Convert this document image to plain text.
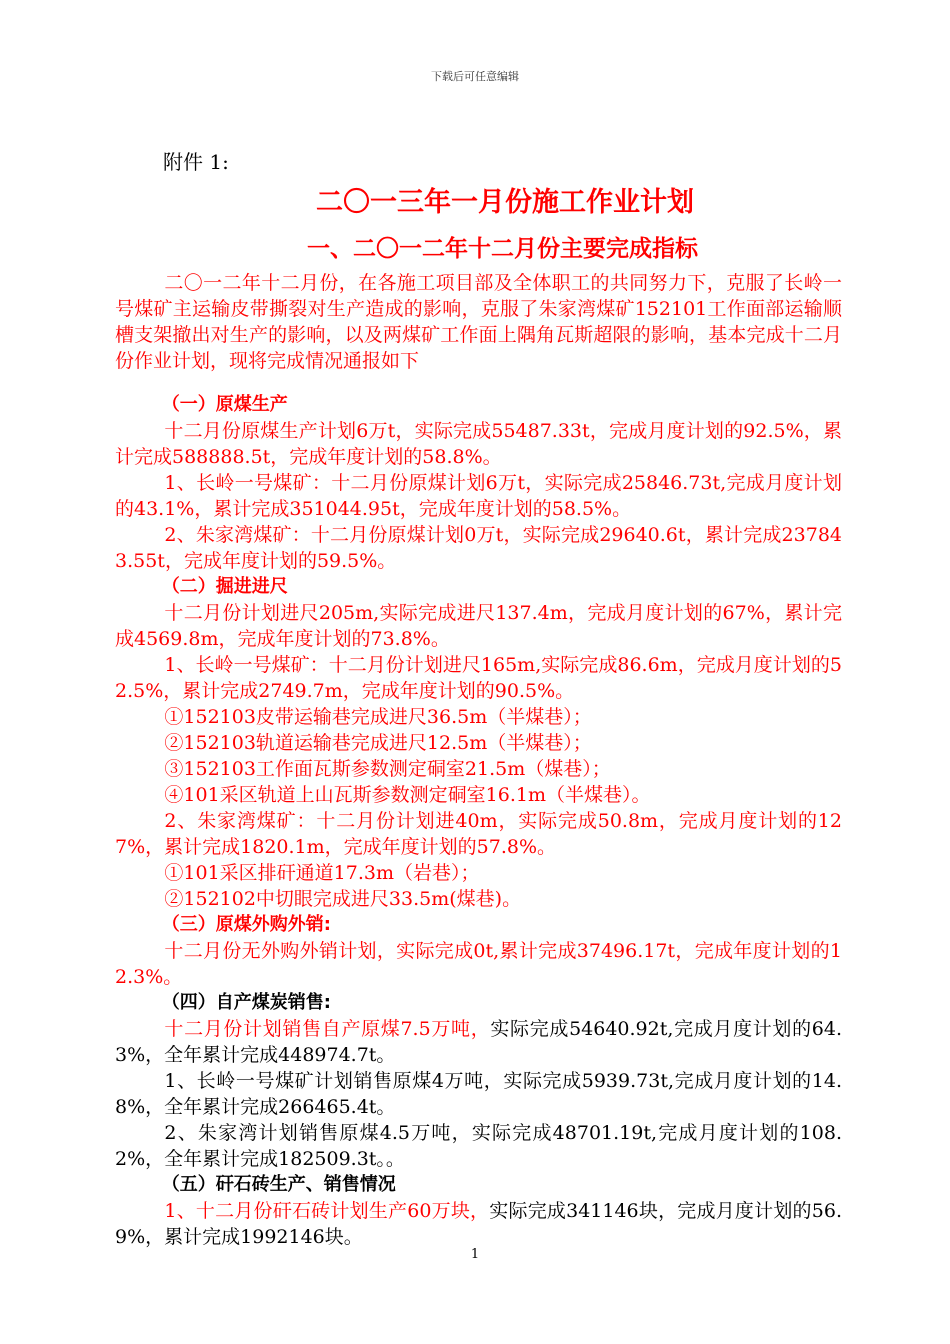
下载后可任意编辑
附件 1:
二〇一三年一月份施工作业计划
一、二〇一二年十二月份主要完成指标

二〇一二年十二月份，在各施工项目部及全体职工的共同努力下，克服了长岭一号煤矿主运输皮带撕裂对生产造成的影响，克服了朱家湾煤矿152101工作面部运输顺槽支架撤出对生产的影响，以及两煤矿工作面上隅角瓦斯超限的影响，基本完成十二月份作业计划，现将完成情况通报如下

（一）原煤生产

十二月份原煤生产计划6万t，实际完成55487.33t，完成月度计划的92.5%，累计完成588888.5t，完成年度计划的58.8%。

1、长岭一号煤矿：十二月份原煤计划6万t，实际完成25846.73t,完成月度计划的43.1%，累计完成351044.95t，完成年度计划的58.5%。

2、朱家湾煤矿：十二月份原煤计划0万t，实际完成29640.6t，累计完成237843.55t，完成年度计划的59.5%。

（二）掘进进尺

十二月份计划进尺205m,实际完成进尺137.4m，完成月度计划的67%，累计完成4569.8m，完成年度计划的73.8%。

1、长岭一号煤矿：十二月份计划进尺165m,实际完成86.6m，完成月度计划的52.5%，累计完成2749.7m，完成年度计划的90.5%。

①152103皮带运输巷完成进尺36.5m（半煤巷）；

②152103轨道运输巷完成进尺12.5m（半煤巷）；

③152103工作面瓦斯参数测定硐室21.5m（煤巷）；

④101采区轨道上山瓦斯参数测定硐室16.1m（半煤巷）。

2、朱家湾煤矿：十二月份计划进40m，实际完成50.8m，完成月度计划的127%，累计完成1820.1m，完成年度计划的57.8%。

①101采区排矸通道17.3m（岩巷）；

②152102中切眼完成进尺33.5m(煤巷)。

（三）原煤外购外销:

十二月份无外购外销计划，实际完成0t,累计完成37496.17t，完成年度计划的12.3%。

（四）自产煤炭销售:

十二月份计划销售自产原煤7.5万吨，实际完成54640.92t,完成月度计划的64.3%，全年累计完成448974.7t。

1、长岭一号煤矿计划销售原煤4万吨，实际完成5939.73t,完成月度计划的14.8%，全年累计完成266465.4t。

2、朱家湾计划销售原煤4.5万吨，实际完成48701.19t,完成月度计划的108.2%，全年累计完成182509.3t。。

（五）矸石砖生产、销售情况

1、十二月份矸石砖计划生产60万块，实际完成341146块，完成月度计划的56.9%，累计完成1992146块。

1
